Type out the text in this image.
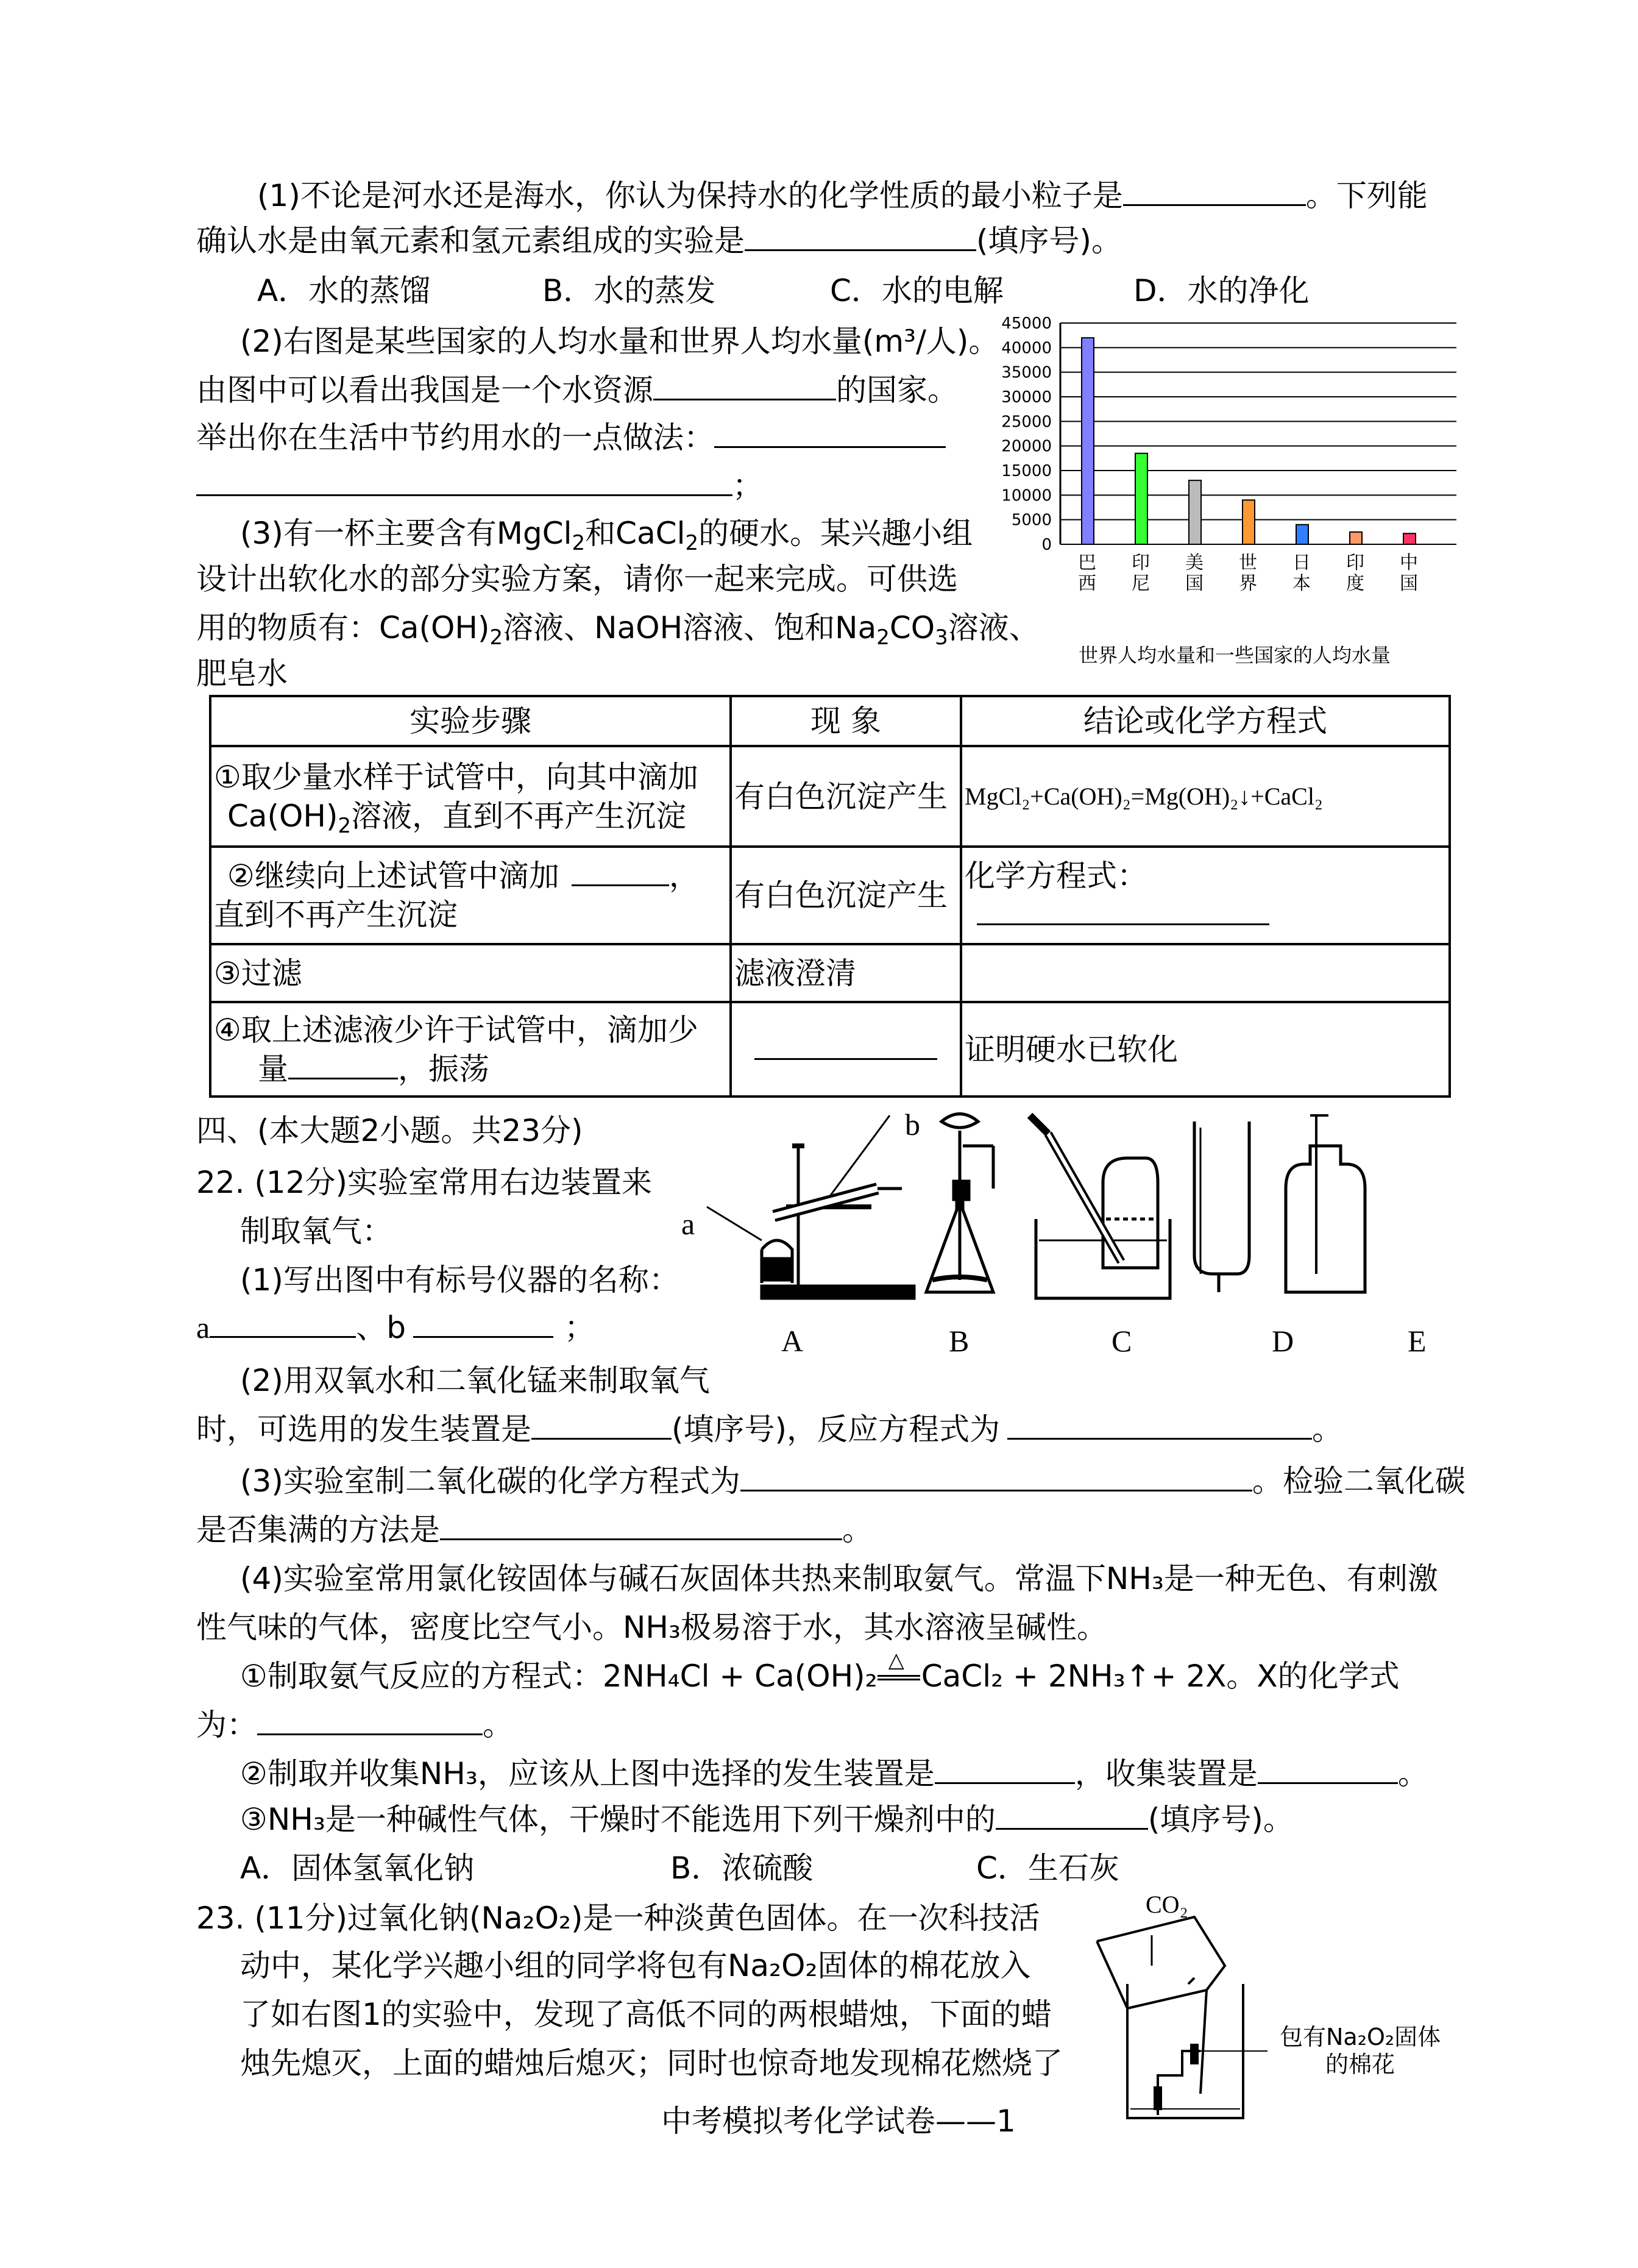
(1)不论是河水还是海水，你认为保持水的化学性质的最小粒子是	。下列能
确认水是由氧元素和氢元素组成的实验是	(填序号)。
A．水的蒸馏	B．水的蒸发	C．水的电解	D．水的净化
(2)右图是某些国家的人均水量和世界人均水量(m³/人)。
由图中可以看出我国是一个水资源	的国家。
举出你在生活中节约用水的一点做法：
；
(3)有一杯主要含有MgCl$_2$和CaCl$_2$的硬水。某兴趣小组
设计出软化水的部分实验方案，请你一起来完成。可供选
用的物质有：$Ca(OH)_2$溶液、NaOH溶液、饱和$Na_2CO_3$溶液、
肥皂水
0
5000
10000
15000
20000
25000
30000
35000
40000
45000
巴西
印尼
美国
世界
日本
印度
中国
世界人均水量和一些国家的人均水量
实验步骤	现 象	结论或化学方程式

①取少量水样于试管中，向其中滴加
$Ca(OH)_2$溶液，直到不再产生沉淀	有白色沉淀产生	MgCl₂+Ca(OH)₂=Mg(OH)₂↓+CaCl₂

②继续向上述试管中滴加 ，
直到不再产生沉淀	有白色沉淀产生	化学方程式：
③过滤	滤液澄清	

④取上述滤液少许于试管中，滴加少
量 ，振荡		证明硬水已软化
四、(本大题2小题。共23分)
22. (12分)实验室常用右边装置来
制取氧气：
(1)写出图中有标号仪器的名称：
a	、b	；
(2)用双氧水和二氧化锰来制取氧气
时，可选用的发生装置是	(填序号)，反应方程式为	。
(3)实验室制二氧化碳的化学方程式为	。检验二氧化碳
是否集满的方法是	。
(4)实验室常用氯化铵固体与碱石灰固体共热来制取氨气。常温下NH₃是一种无色、有刺激
性气味的气体，密度比空气小。NH₃极易溶于水，其水溶液呈碱性。
①制取氨气反应的方程式：2NH₄Cl + Ca(OH)₂ △ CaCl₂ + 2NH₃↑+ 2X。X的化学式
为：	。
②制取并收集NH₃，应该从上图中选择的发生装置是	，收集装置是	。
③NH₃是一种碱性气体，干燥时不能选用下列干燥剂中的	(填序号)。
A．固体氢氧化钠	B．浓硫酸	C．生石灰
b
a
A	B	C	D	E
23. (11分)过氧化钠(Na₂O₂)是一种淡黄色固体。在一次科技活
动中，某化学兴趣小组的同学将包有Na₂O₂固体的棉花放入
了如右图1的实验中，发现了高低不同的两根蜡烛，下面的蜡
烛先熄灭，上面的蜡烛后熄灭；同时也惊奇地发现棉花燃烧了
CO₂
包有Na₂O₂固体
的棉花
中考模拟考化学试卷——1
